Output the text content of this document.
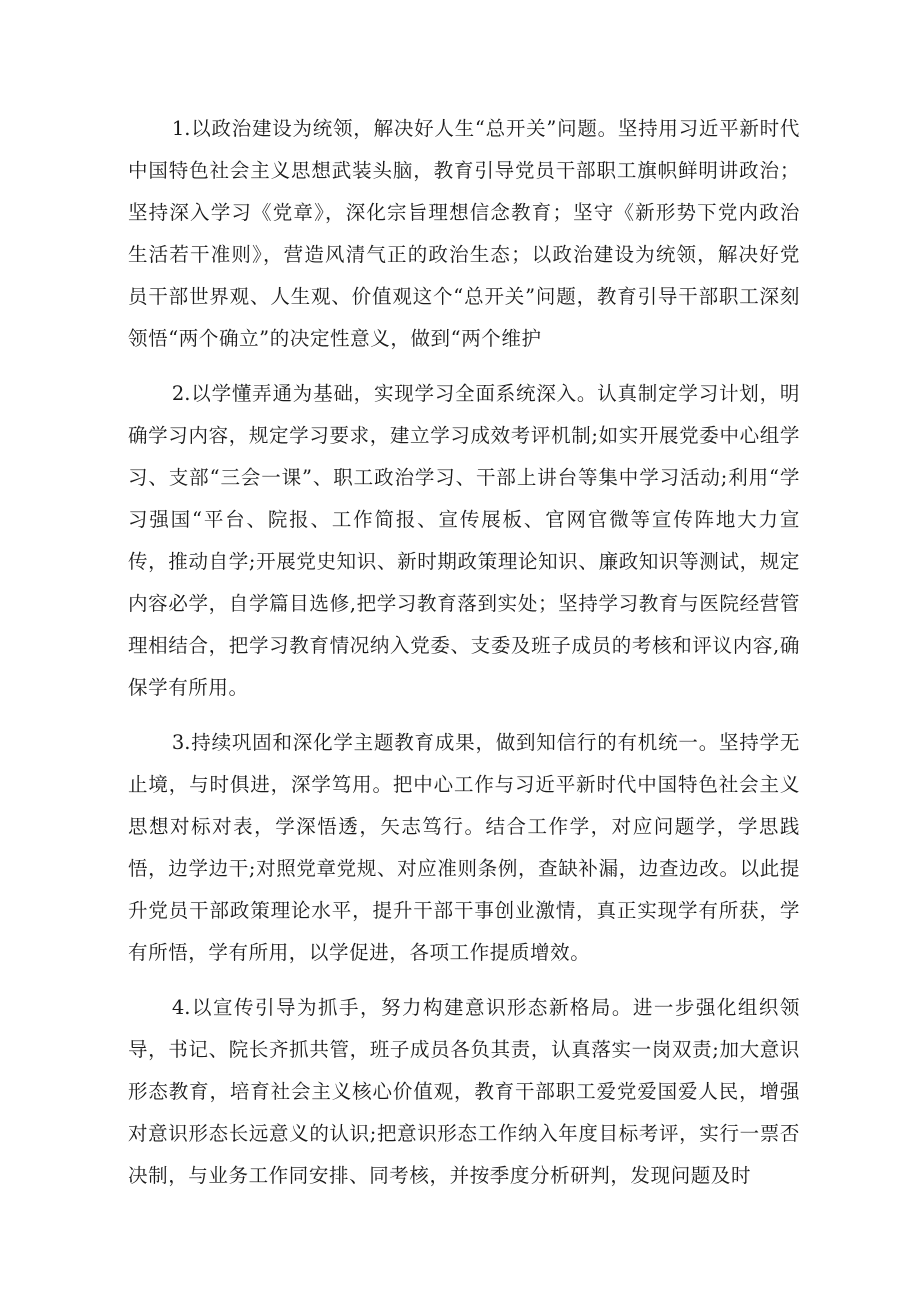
1.以政治建设为统领，解决好人生“总开关”问题。坚持用习近平新时代中国特色社会主义思想武装头脑，教育引导党员干部职工旗帜鲜明讲政治；坚持深入学习《党章》，深化宗旨理想信念教育；坚守《新形势下党内政治生活若干准则》，营造风清气正的政治生态；以政治建设为统领，解决好党员干部世界观、人生观、价值观这个“总开关”问题，教育引导干部职工深刻领悟“两个确立”的决定性意义，做到“两个维护

2.以学懂弄通为基础，实现学习全面系统深入。认真制定学习计划，明确学习内容，规定学习要求，建立学习成效考评机制;如实开展党委中心组学习、支部“三会一课”、职工政治学习、干部上讲台等集中学习活动;利用“学习强国“平台、院报、工作简报、宣传展板、官网官微等宣传阵地大力宣传，推动自学;开展党史知识、新时期政策理论知识、廉政知识等测试，规定内容必学，自学篇目选修,把学习教育落到实处；坚持学习教育与医院经营管理相结合，把学习教育情况纳入党委、支委及班子成员的考核和评议内容,确保学有所用。

3.持续巩固和深化学主题教育成果，做到知信行的有机统一。坚持学无止境，与时俱进，深学笃用。把中心工作与习近平新时代中国特色社会主义思想对标对表，学深悟透，矢志笃行。结合工作学，对应问题学，学思践悟，边学边干;对照党章党规、对应准则条例，查缺补漏，边查边改。以此提升党员干部政策理论水平，提升干部干事创业激情，真正实现学有所获，学有所悟，学有所用，以学促进，各项工作提质增效。

4.以宣传引导为抓手，努力构建意识形态新格局。进一步强化组织领导，书记、院长齐抓共管，班子成员各负其责，认真落实一岗双责;加大意识形态教育，培育社会主义核心价值观，教育干部职工爱党爱国爱人民，增强对意识形态长远意义的认识;把意识形态工作纳入年度目标考评，实行一票否决制，与业务工作同安排、同考核，并按季度分析研判，发现问题及时
